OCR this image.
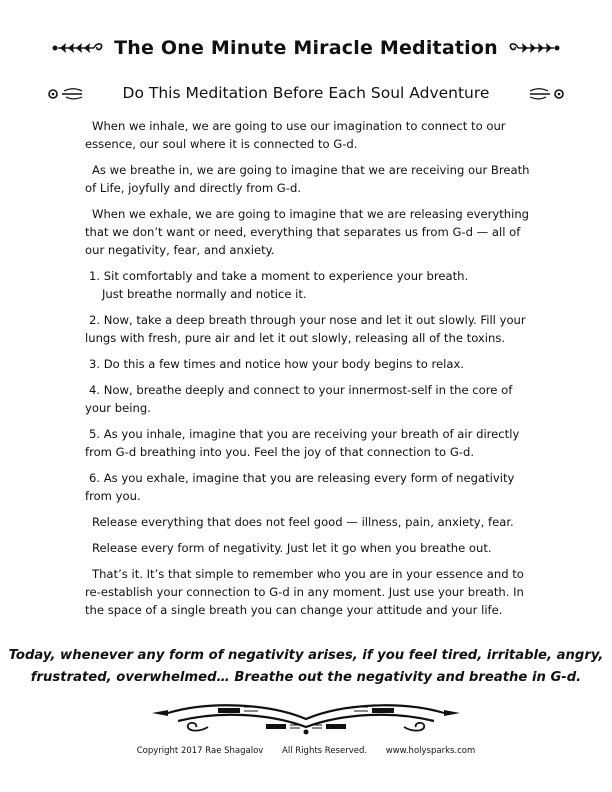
The One Minute Miracle Meditation
Do This Meditation Before Each Soul Adventure

When we inhale, we are going to use our imagination to connect to our essence, our soul where it is connected to G-d.

As we breathe in, we are going to imagine that we are receiving our Breath of Life, joyfully and directly from G-d.

When we exhale, we are going to imagine that we are releasing everything that we don’t want or need, everything that separates us from G-d — all of our negativity, fear, and anxiety.

1. Sit comfortably and take a moment to experience your breath.
Just breathe normally and notice it.

2. Now, take a deep breath through your nose and let it out slowly. Fill your lungs with fresh, pure air and let it out slowly, releasing all of the toxins.

3. Do this a few times and notice how your body begins to relax.

4. Now, breathe deeply and connect to your innermost-self in the core of your being.

5. As you inhale, imagine that you are receiving your breath of air directly from G-d breathing into you. Feel the joy of that connection to G-d.

6. As you exhale, imagine that you are releasing every form of negativity from you.

Release everything that does not feel good — illness, pain, anxiety, fear.

Release every form of negativity. Just let it go when you breathe out.

That’s it. It’s that simple to remember who you are in your essence and to re-establish your connection to G-d in any moment. Just use your breath. In the space of a single breath you can change your attitude and your life.

Today, whenever any form of negativity arises, if you feel tired, irritable, angry,
frustrated, overwhelmed… Breathe out the negativity and breathe in G-d.
Copyright 2017 Rae Shagalov All Rights Reserved. www.holysparks.com
